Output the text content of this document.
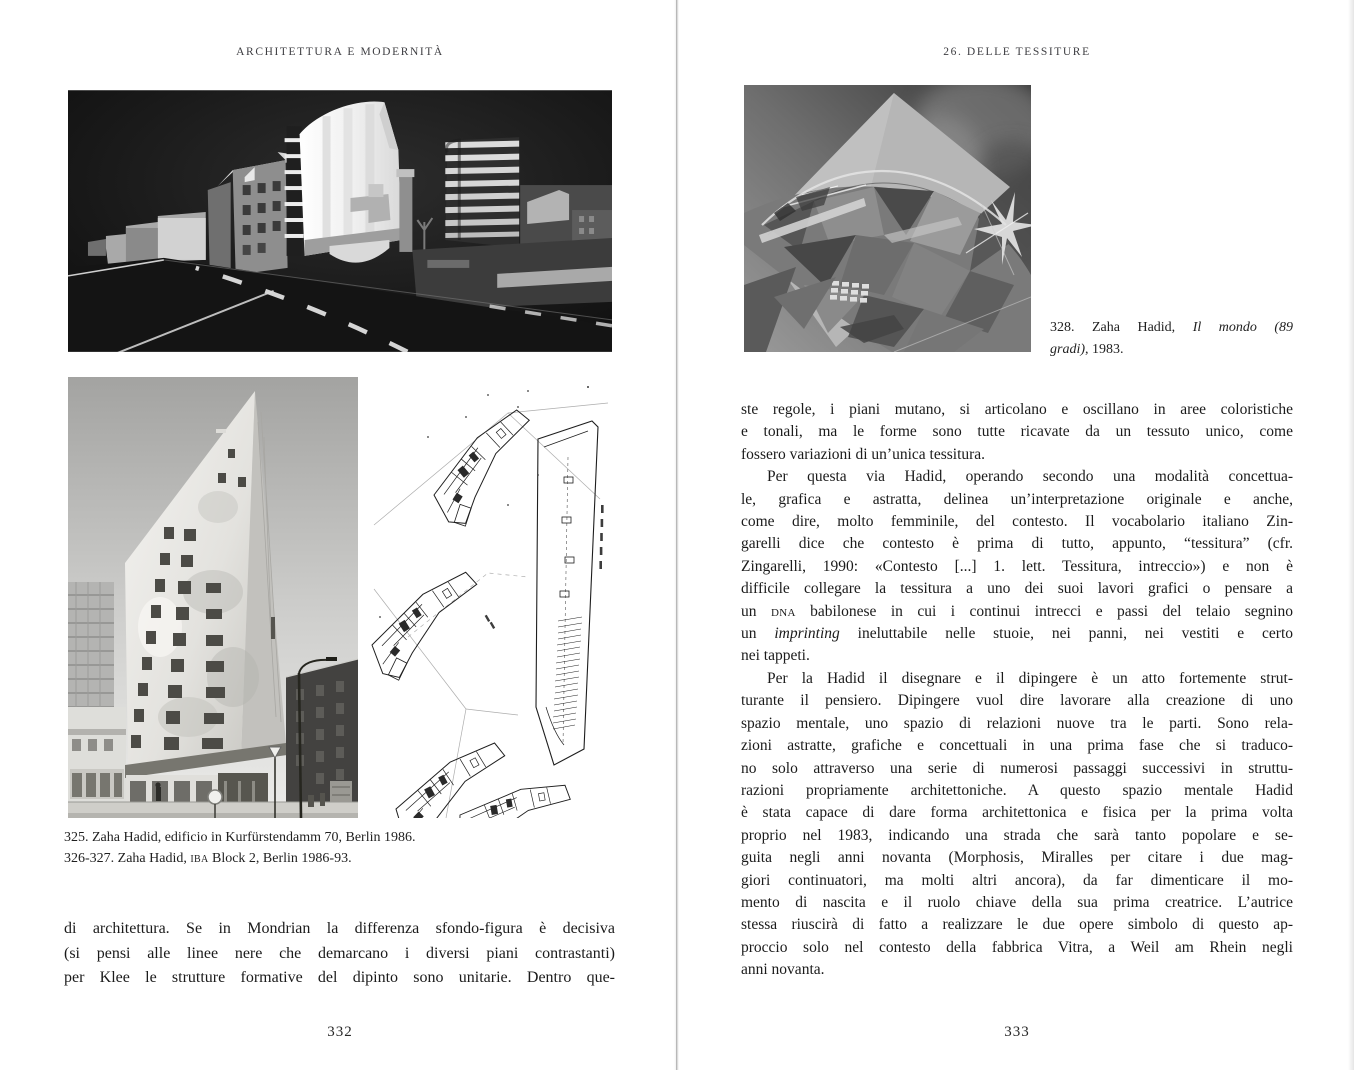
ARCHITETTURA E MODERNITÀ
325. Zaha Hadid, edificio in Kurfürstendamm 70, Berlin 1986.
326-327. Zaha Hadid, iba Block 2, Berlin 1986-93.
di architettura. Se in Mondrian la differenza sfondo-figura è decisiva
(si pensi alle linee nere che demarcano i diversi piani contrastanti)
per Klee le strutture formative del dipinto sono unitarie. Dentro que-
332
26. DELLE TESSITURE
328. Zaha Hadid, Il mondo (89
gradi), 1983.
ste regole, i piani mutano, si articolano e oscillano in aree coloristiche
e tonali, ma le forme sono tutte ricavate da un tessuto unico, come
fossero variazioni di un’unica tessitura.
Per questa via Hadid, operando secondo una modalità concettua-
le, grafica e astratta, delinea un’interpretazione originale e anche,
come dire, molto femminile, del contesto. Il vocabolario italiano Zin-
garelli dice che contesto è prima di tutto, appunto, “tessitura” (cfr.
Zingarelli, 1990: «Contesto [...] 1. lett. Tessitura, intreccio») e non è
difficile collegare la tessitura a uno dei suoi lavori grafici o pensare a
un dna babilonese in cui i continui intrecci e passi del telaio segnino
un imprinting ineluttabile nelle stuoie, nei panni, nei vestiti e certo
nei tappeti.
Per la Hadid il disegnare e il dipingere è un atto fortemente strut-
turante il pensiero. Dipingere vuol dire lavorare alla creazione di uno
spazio mentale, uno spazio di relazioni nuove tra le parti. Sono rela-
zioni astratte, grafiche e concettuali in una prima fase che si traduco-
no solo attraverso una serie di numerosi passaggi successivi in struttu-
razioni propriamente architettoniche. A questo spazio mentale Hadid
è stata capace di dare forma architettonica e fisica per la prima volta
proprio nel 1983, indicando una strada che sarà tanto popolare e se-
guita negli anni novanta (Morphosis, Miralles per citare i due mag-
giori continuatori, ma molti altri ancora), da far dimenticare il mo-
mento di nascita e il ruolo chiave della sua prima creatrice. L’autrice
stessa riuscirà di fatto a realizzare le due opere simbolo di questo ap-
proccio solo nel contesto della fabbrica Vitra, a Weil am Rhein negli
anni novanta.
333
